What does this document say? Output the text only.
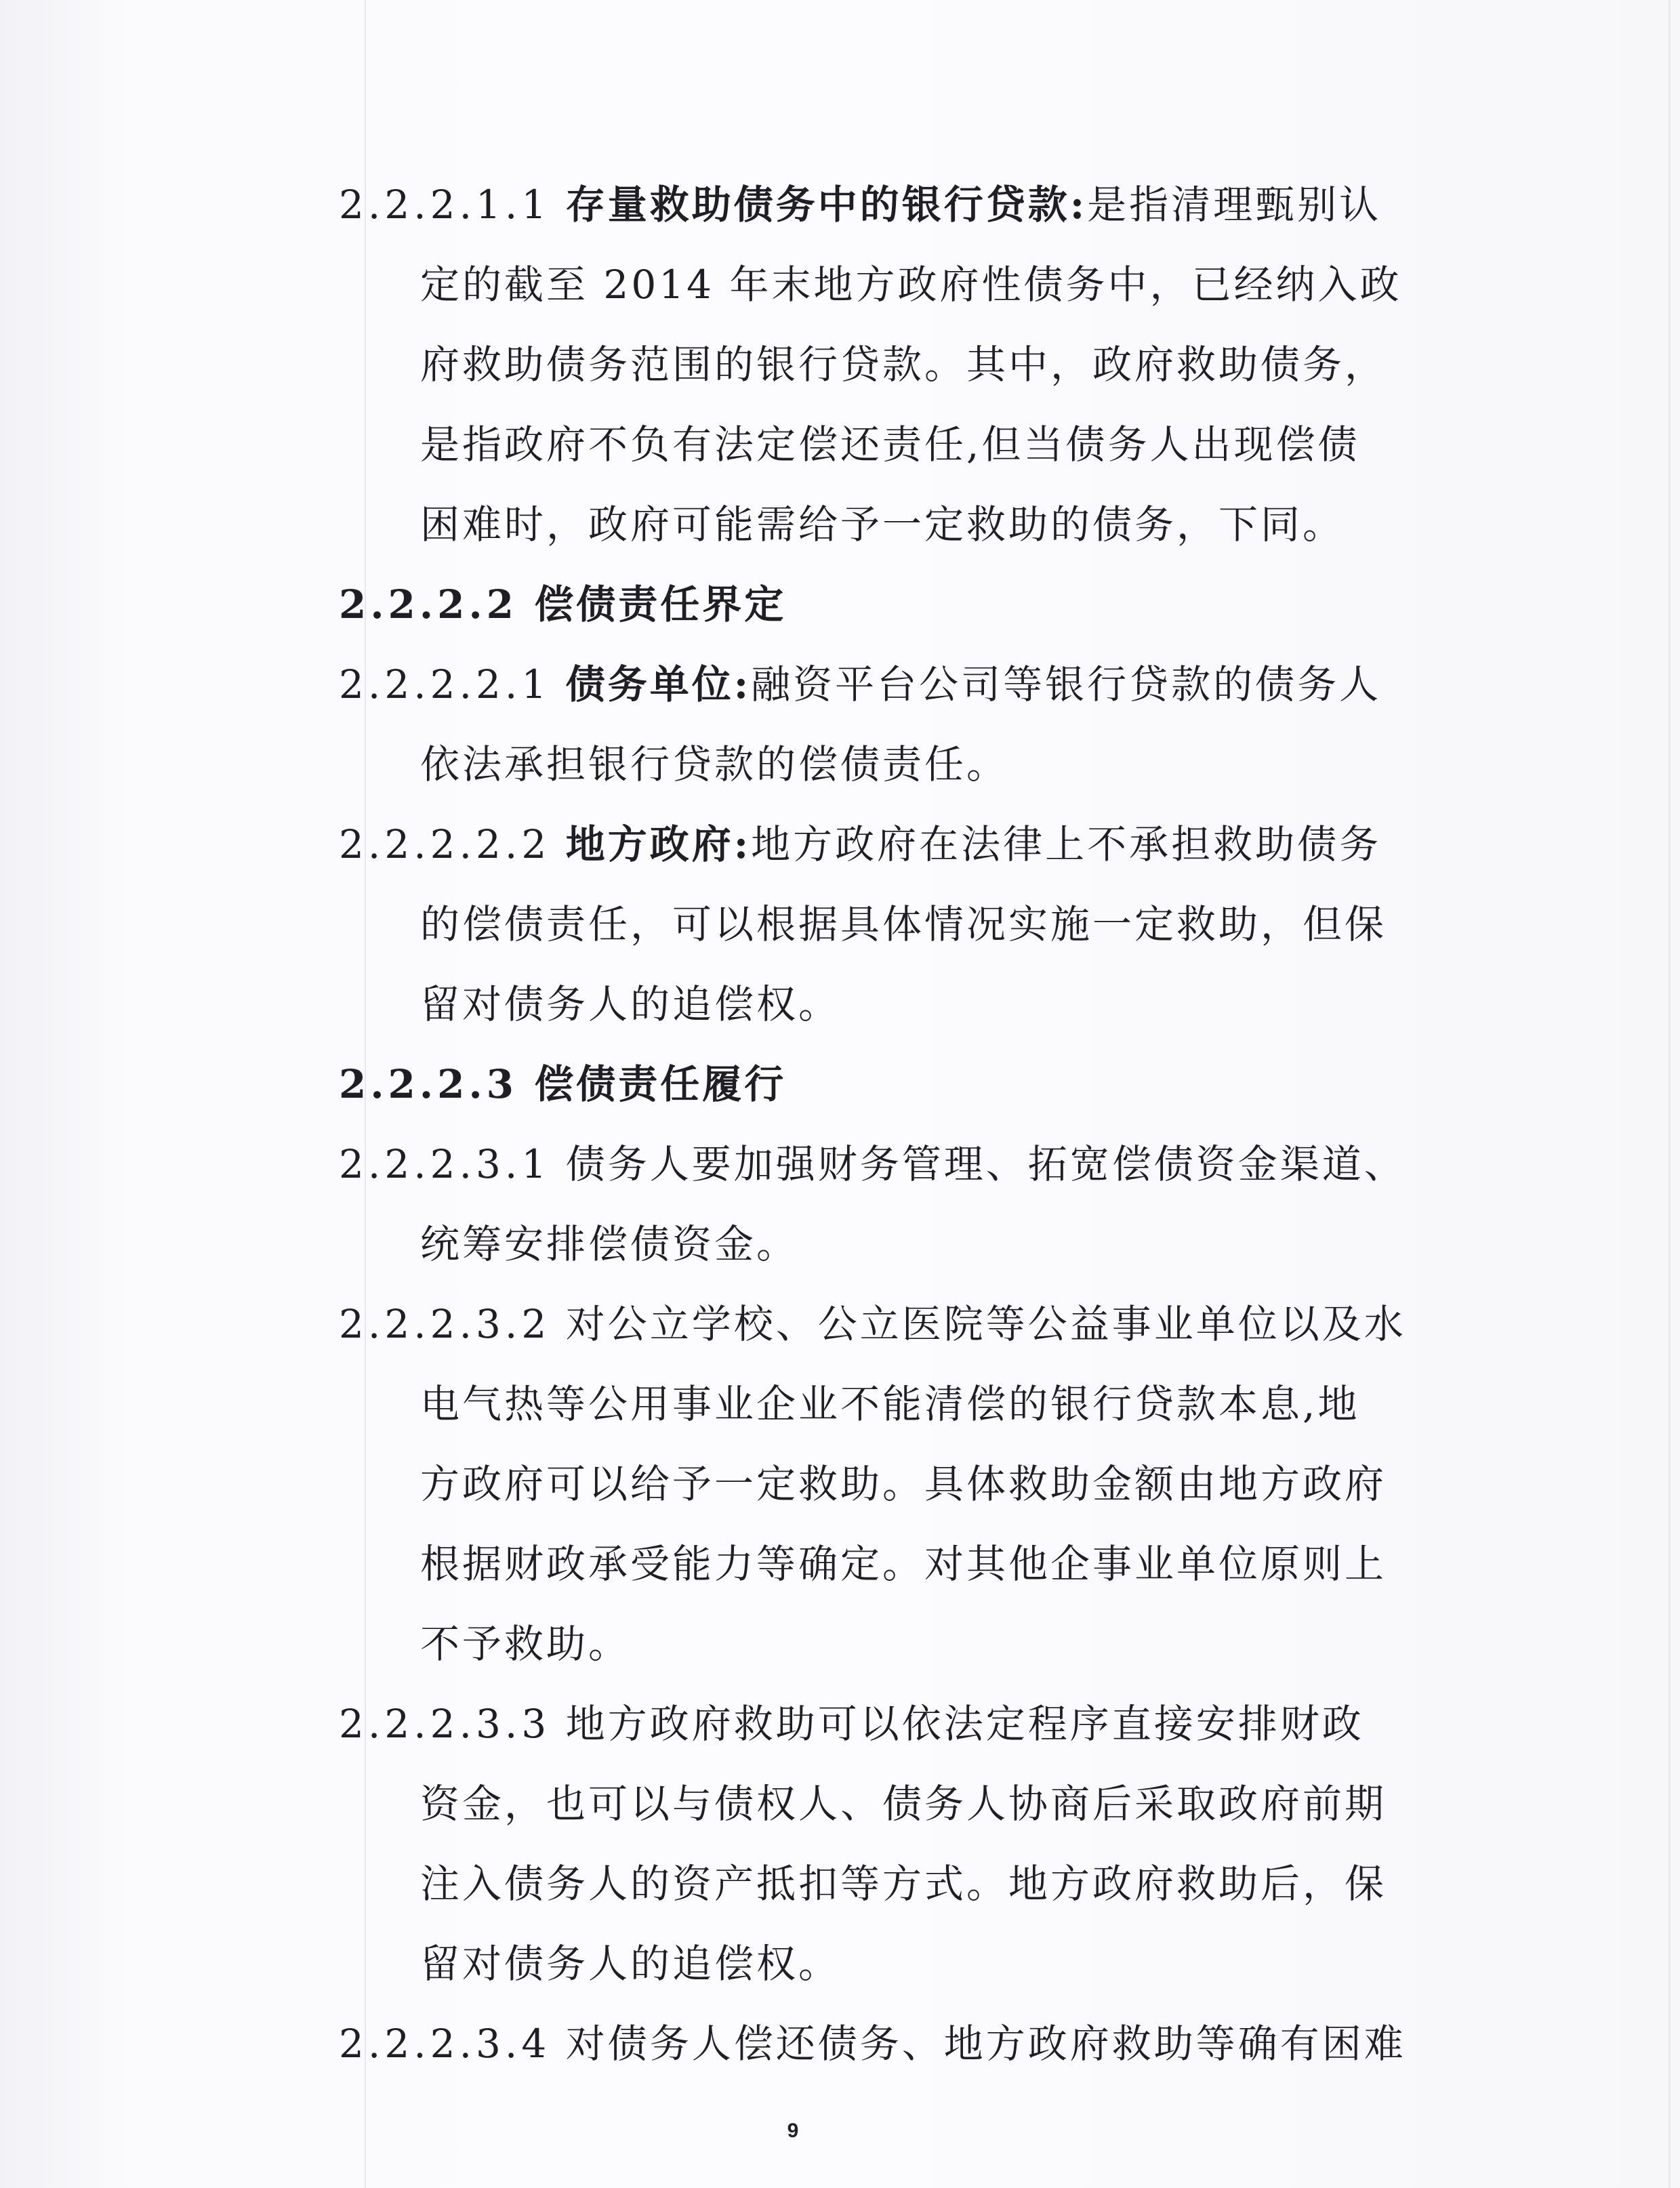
2.2.2.1.1 存量救助债务中的银行贷款:是指清理甄别认
定的截至 2014 年末地方政府性债务中，已经纳入政
府救助债务范围的银行贷款。其中，政府救助债务，
是指政府不负有法定偿还责任,但当债务人出现偿债
困难时，政府可能需给予一定救助的债务，下同。
2.2.2.2 偿债责任界定
2.2.2.2.1 债务单位:融资平台公司等银行贷款的债务人
依法承担银行贷款的偿债责任。
2.2.2.2.2 地方政府:地方政府在法律上不承担救助债务
的偿债责任，可以根据具体情况实施一定救助，但保
留对债务人的追偿权。
2.2.2.3 偿债责任履行
2.2.2.3.1 债务人要加强财务管理、拓宽偿债资金渠道、
统筹安排偿债资金。
2.2.2.3.2 对公立学校、公立医院等公益事业单位以及水
电气热等公用事业企业不能清偿的银行贷款本息,地
方政府可以给予一定救助。具体救助金额由地方政府
根据财政承受能力等确定。对其他企事业单位原则上
不予救助。
2.2.2.3.3 地方政府救助可以依法定程序直接安排财政
资金，也可以与债权人、债务人协商后采取政府前期
注入债务人的资产抵扣等方式。地方政府救助后，保
留对债务人的追偿权。
2.2.2.3.4 对债务人偿还债务、地方政府救助等确有困难
9
